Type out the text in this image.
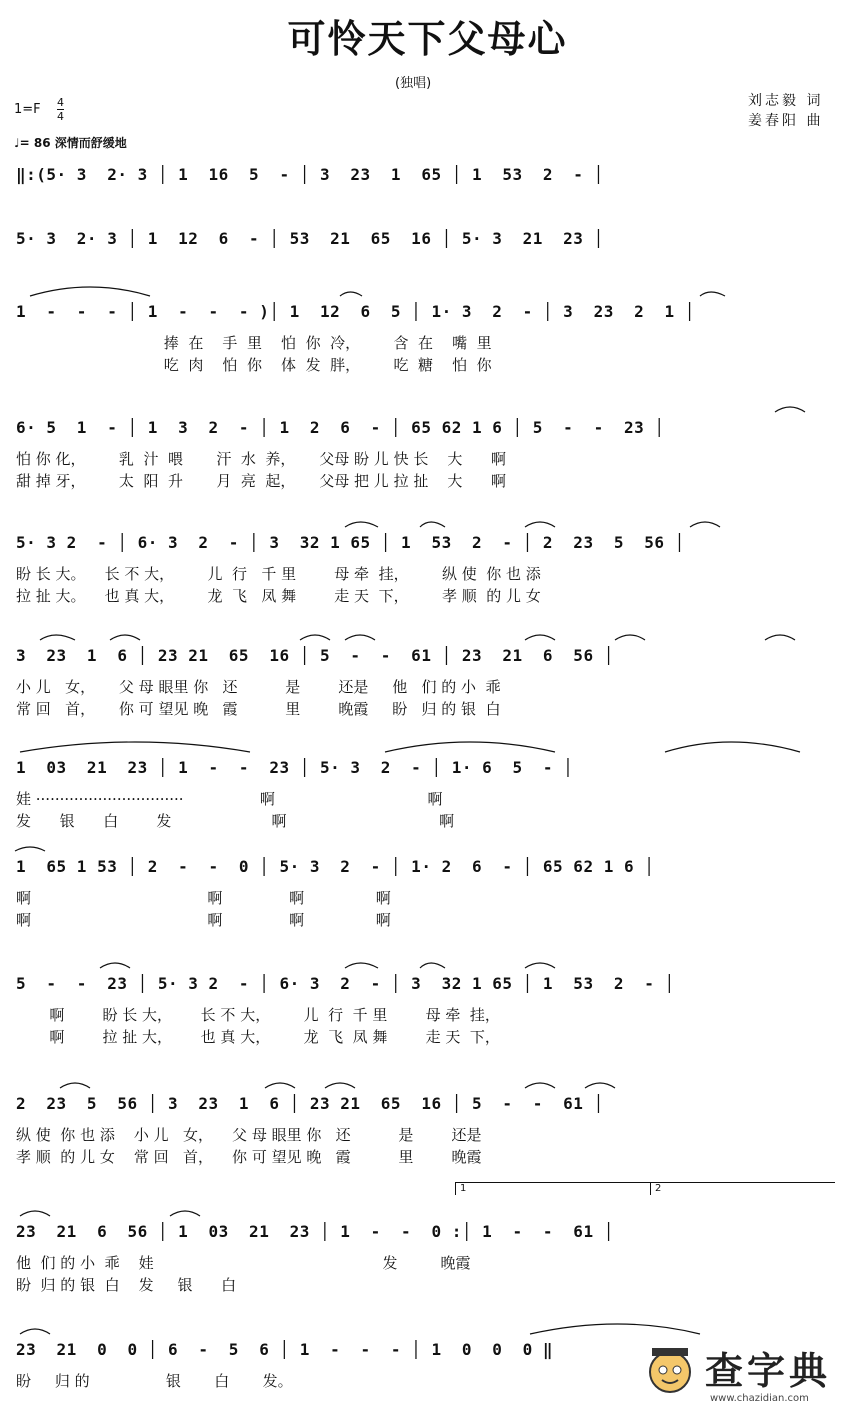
可怜天下父母心
(独唱)
刘志毅 词
姜春阳 曲
1=F 4
4
♩= 86 深情而舒缓地
‖:(5· 3  2· 3 │ 1  16  5  - │ 3  23  1  65 │ 1  53  2  - │
5· 3  2· 3 │ 1  12  6  - │ 53  21  65  16 │ 5· 3  21  23 │
1  -  -  - │ 1  -  -  - )│ 1  12  6  5 │ 1· 3  2  - │ 3  23  2  1 │
捧  在    手  里    怕  你  冷，       含  在    嘴  里
吃  肉    怕  你    体  发  胖，       吃  糖    怕  你
6· 5  1  - │ 1  3  2  - │ 1  2  6  - │ 65 62 1 6 │ 5  -  -  23 │
怕 你 化，       乳  汁  喂       汗  水  养，     父母 盼 儿 快 长    大      啊
甜 掉 牙，       太  阳  升       月  亮  起，     父母 把 儿 拉 扯    大      啊
5· 3 2  - │ 6· 3  2  - │ 3  32 1 65 │ 1  53  2  - │ 2  23  5  56 │
盼 长 大。    长 不 大，       儿  行   千 里        母 牵  挂，       纵 使  你 也 添
拉 扯 大。    也 真 大，       龙  飞   凤 舞        走 天  下，       孝 顺  的 儿 女
3  23  1  6 │ 23 21  65  16 │ 5  -  -  61 │ 23  21  6  56 │
小 儿   女，     父 母 眼里 你   还          是        还是     他   们 的 小  乖
常 回   首，     你 可 望见 晚   霞          里        晚霞     盼   归 的 银  白
1  03  21  23 │ 1  -  -  23 │ 5· 3  2  - │ 1· 6  5  - │
娃 ·······························                啊                                啊
发      银      白        发                     啊                                啊
1  65 1 53 │ 2  -  -  0 │ 5· 3  2  - │ 1· 2  6  - │ 65 62 1 6 │
啊                                     啊              啊               啊
啊                                     啊              啊               啊
5  -  -  23 │ 5· 3 2  - │ 6· 3  2  - │ 3  32 1 65 │ 1  53  2  - │
啊        盼 长 大，      长 不 大，       儿  行  千 里        母 牵  挂，
啊        拉 扯 大，      也 真 大，       龙  飞  凤 舞        走 天  下，
2  23  5  56 │ 3  23  1  6 │ 23 21  65  16 │ 5  -  -  61 │
纵 使  你 也 添    小 儿   女，    父 母 眼里 你   还          是        还是
孝 顺  的 儿 女    常 回   首，    你 可 望见 晚   霞          里        晚霞
1	2
23  21  6  56 │ 1  03  21  23 │ 1  -  -  0 :│ 1  -  -  61 │
他  们 的 小  乖    娃                                                发         晚霞
盼  归 的 银  白    发     银      白
23  21  0  0 │ 6  -  5  6 │ 1  -  -  - │ 1  0  0  0 ‖
盼     归 的                银       白       发。	查字典
www.chazidian.com
